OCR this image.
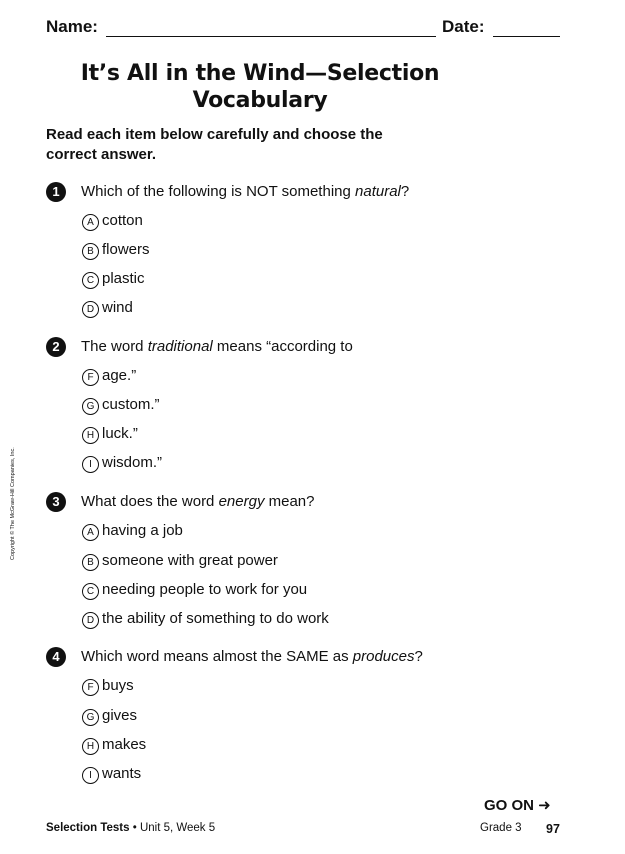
Name:	Date:
It’s All in the Wind—Selection
Vocabulary
Read each item below carefully and choose the
correct answer.
1	Which of the following is NOT something natural?
A cotton
B flowers
C plastic
D wind
2	The word traditional means “according to
F age.”
G custom.”
H luck.”
I wisdom.”
3	What does the word energy mean?
A having a job
B someone with great power
C needing people to work for you
D the ability of something to do work
4	Which word means almost the SAME as produces?
F buys
G gives
H makes
I wants
Copyright © The McGraw-Hill Companies, Inc.
GO ON ➜
Selection Tests • Unit 5, Week 5	Grade 3 97
